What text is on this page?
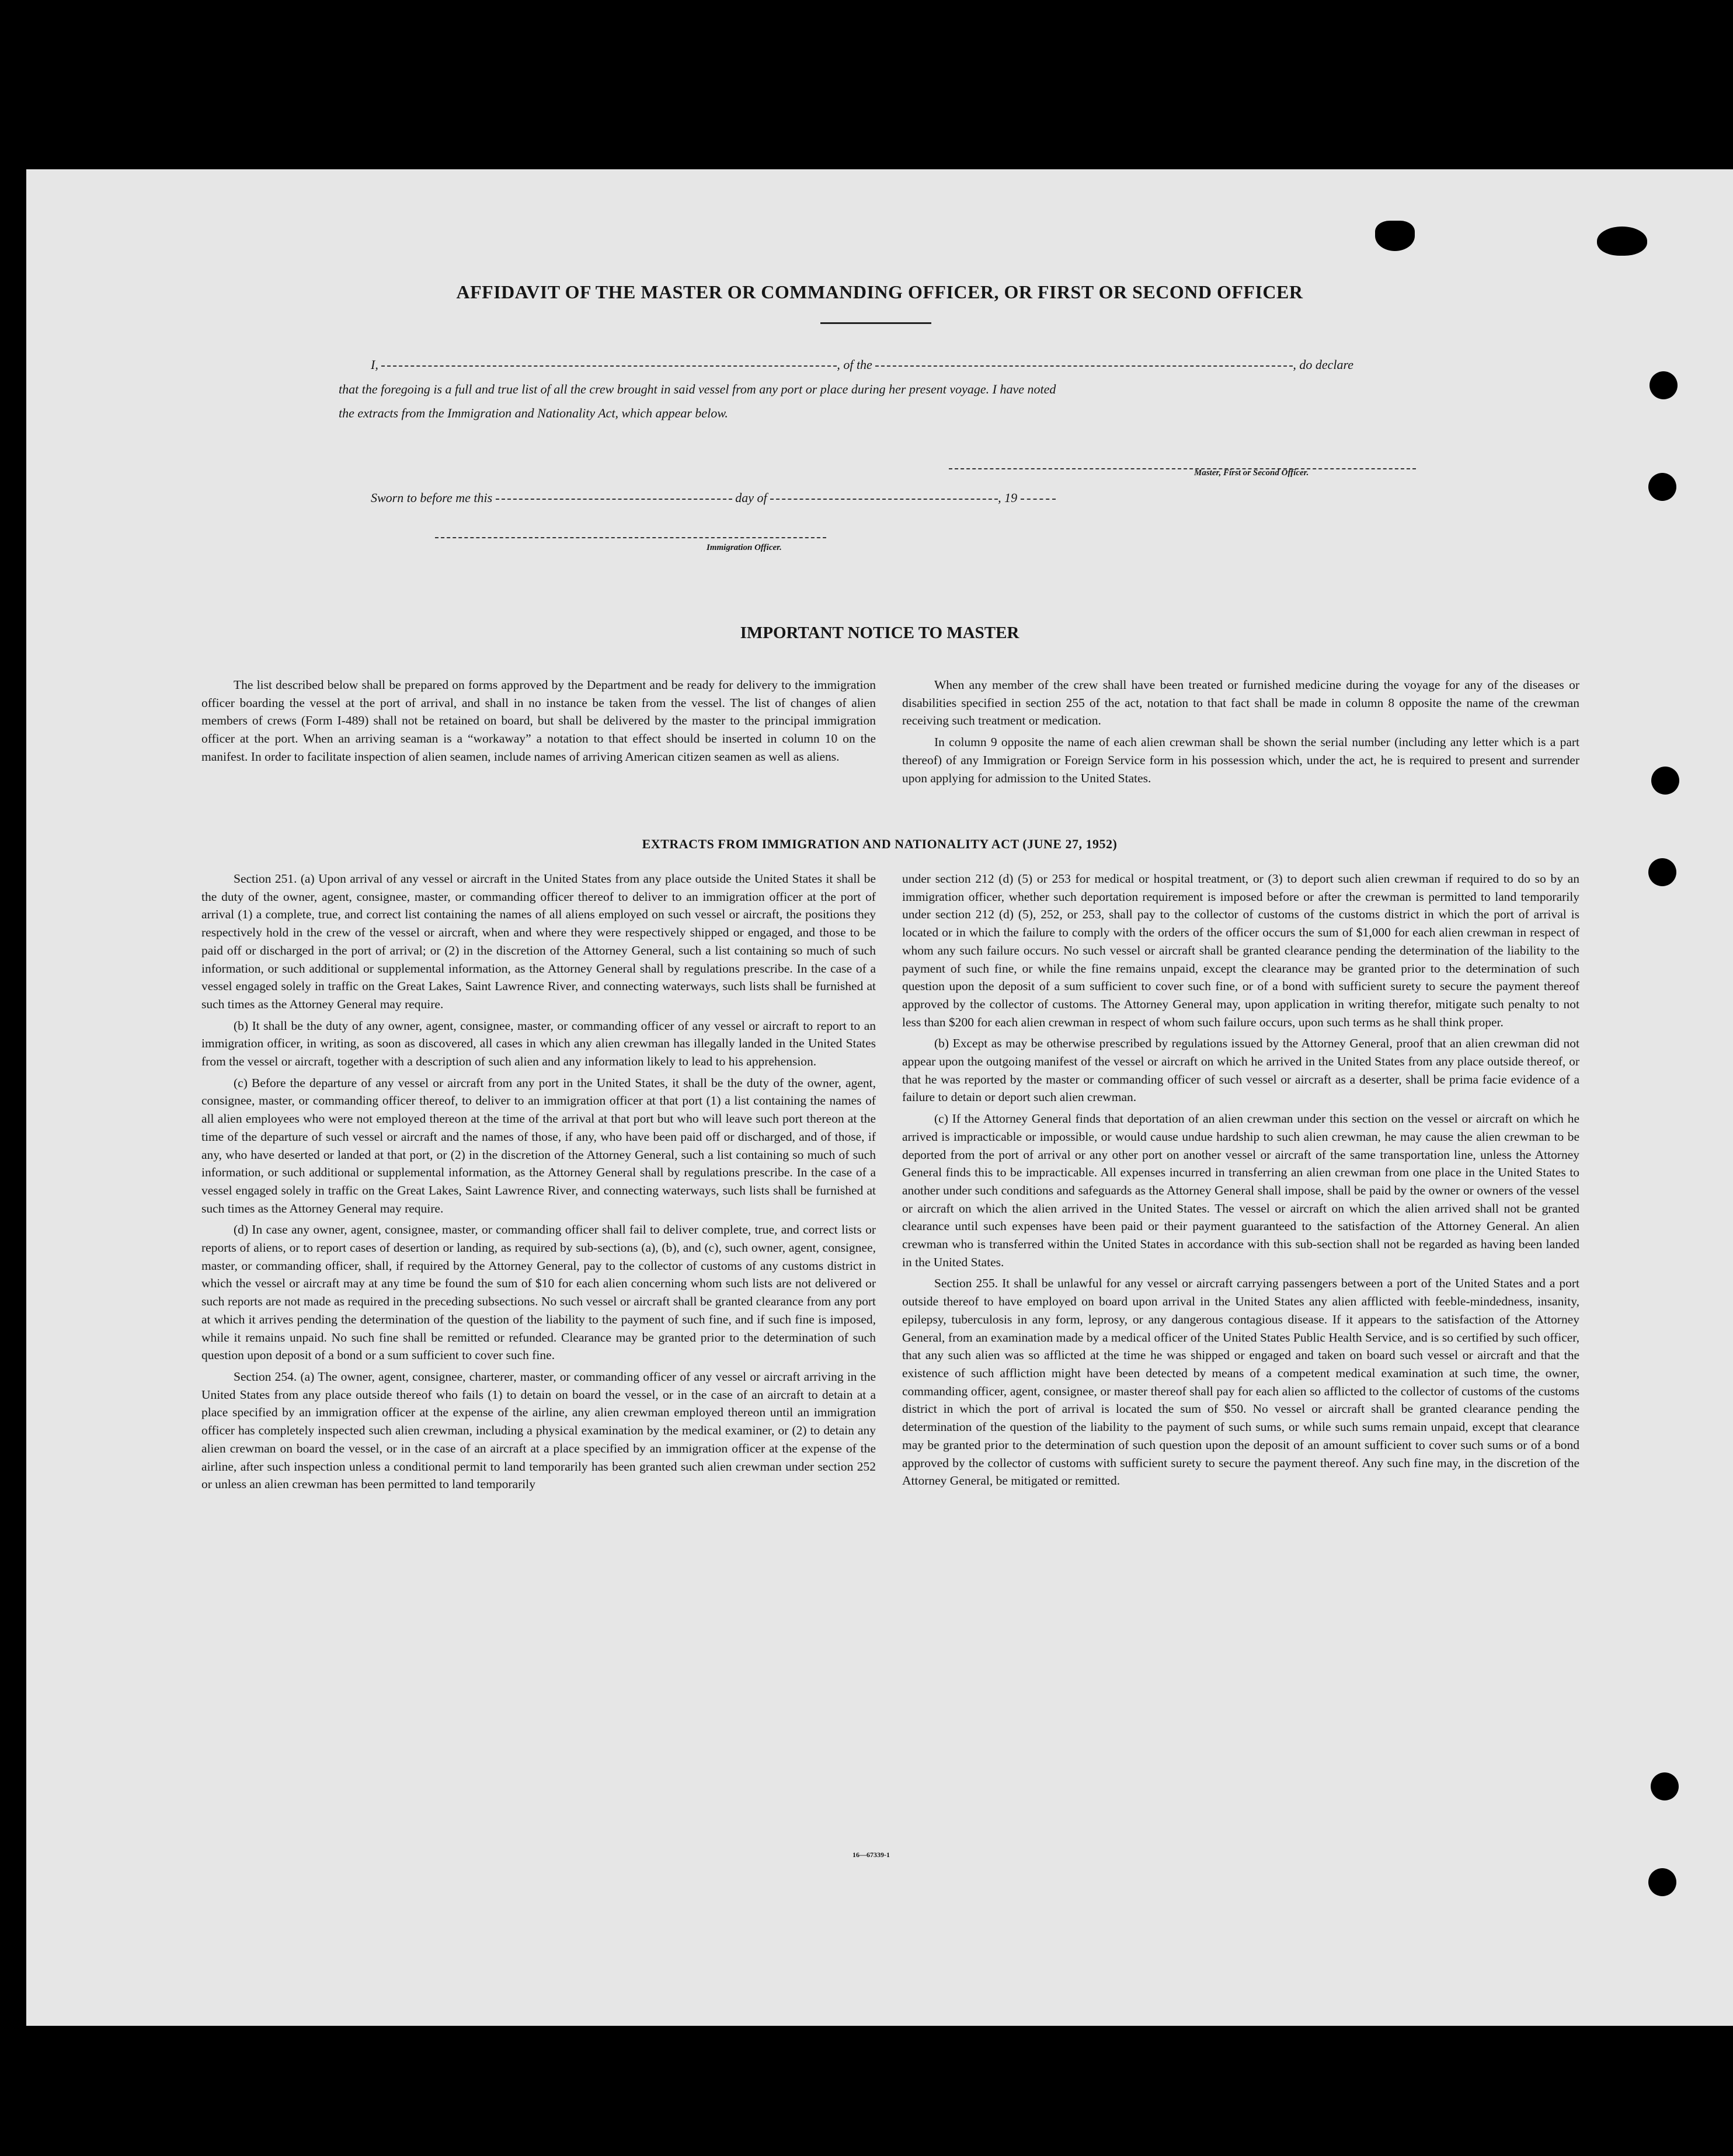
AFFIDAVIT OF THE MASTER OR COMMANDING OFFICER, OR FIRST OR SECOND OFFICER
I,	, of the	, do declare
that the foregoing is a full and true list of all the crew brought in said vessel from any port or place during her present voyage. I have noted
the extracts from the Immigration and Nationality Act, which appear below.
Master, First or Second Officer.
Sworn to before me this	day of	, 19
Immigration Officer.
IMPORTANT NOTICE TO MASTER

The list described below shall be prepared on forms approved by the Department and be ready for delivery to the immigration officer boarding the vessel at the port of arrival, and shall in no instance be taken from the vessel. The list of changes of alien members of crews (Form I-489) shall not be retained on board, but shall be delivered by the master to the principal immigration officer at the port. When an arriving seaman is a “workaway” a notation to that effect should be inserted in column 10 on the manifest. In order to facilitate inspection of alien seamen, include names of arriving American citizen seamen as well as aliens.

When any member of the crew shall have been treated or furnished medicine during the voyage for any of the diseases or disabilities specified in section 255 of the act, notation to that fact shall be made in column 8 opposite the name of the crewman receiving such treatment or medication.

In column 9 opposite the name of each alien crewman shall be shown the serial number (including any letter which is a part thereof) of any Immigration or Foreign Service form in his possession which, under the act, he is required to present and surrender upon applying for admission to the United States.

EXTRACTS FROM IMMIGRATION AND NATIONALITY ACT (JUNE 27, 1952)

Section 251. (a) Upon arrival of any vessel or aircraft in the United States from any place outside the United States it shall be the duty of the owner, agent, consignee, master, or commanding officer thereof to deliver to an immigration officer at the port of arrival (1) a complete, true, and correct list containing the names of all aliens employed on such vessel or aircraft, the positions they respectively hold in the crew of the vessel or aircraft, when and where they were respectively shipped or engaged, and those to be paid off or discharged in the port of arrival; or (2) in the discretion of the Attorney General, such a list containing so much of such information, or such additional or supplemental information, as the Attorney General shall by regulations prescribe. In the case of a vessel engaged solely in traffic on the Great Lakes, Saint Lawrence River, and connecting waterways, such lists shall be furnished at such times as the Attorney General may require.

(b) It shall be the duty of any owner, agent, consignee, master, or commanding officer of any vessel or aircraft to report to an immigration officer, in writing, as soon as discovered, all cases in which any alien crewman has illegally landed in the United States from the vessel or aircraft, together with a description of such alien and any information likely to lead to his apprehension.

(c) Before the departure of any vessel or aircraft from any port in the United States, it shall be the duty of the owner, agent, consignee, master, or commanding officer thereof, to deliver to an immigration officer at that port (1) a list containing the names of all alien employees who were not employed thereon at the time of the arrival at that port but who will leave such port thereon at the time of the departure of such vessel or aircraft and the names of those, if any, who have been paid off or discharged, and of those, if any, who have deserted or landed at that port, or (2) in the discretion of the Attorney General, such a list containing so much of such information, or such additional or supplemental information, as the Attorney General shall by regulations prescribe. In the case of a vessel engaged solely in traffic on the Great Lakes, Saint Lawrence River, and connecting waterways, such lists shall be furnished at such times as the Attorney General may require.

(d) In case any owner, agent, consignee, master, or commanding officer shall fail to deliver complete, true, and correct lists or reports of aliens, or to report cases of desertion or landing, as required by sub-sections (a), (b), and (c), such owner, agent, consignee, master, or commanding officer, shall, if required by the Attorney General, pay to the collector of customs of any customs district in which the vessel or aircraft may at any time be found the sum of $10 for each alien concerning whom such lists are not delivered or such reports are not made as required in the preceding subsections. No such vessel or aircraft shall be granted clearance from any port at which it arrives pending the determination of the question of the liability to the payment of such fine, and if such fine is imposed, while it remains unpaid. No such fine shall be remitted or refunded. Clearance may be granted prior to the determination of such question upon deposit of a bond or a sum sufficient to cover such fine.

Section 254. (a) The owner, agent, consignee, charterer, master, or commanding officer of any vessel or aircraft arriving in the United States from any place outside thereof who fails (1) to detain on board the vessel, or in the case of an aircraft to detain at a place specified by an immigration officer at the expense of the airline, any alien crewman employed thereon until an immigration officer has completely inspected such alien crewman, including a physical examination by the medical examiner, or (2) to detain any alien crewman on board the vessel, or in the case of an aircraft at a place specified by an immigration officer at the expense of the airline, after such inspection unless a conditional permit to land temporarily has been granted such alien crewman under section 252 or unless an alien crewman has been permitted to land temporarily

under section 212 (d) (5) or 253 for medical or hospital treatment, or (3) to deport such alien crewman if required to do so by an immigration officer, whether such deportation requirement is imposed before or after the crewman is permitted to land temporarily under section 212 (d) (5), 252, or 253, shall pay to the collector of customs of the customs district in which the port of arrival is located or in which the failure to comply with the orders of the officer occurs the sum of $1,000 for each alien crewman in respect of whom any such failure occurs. No such vessel or aircraft shall be granted clearance pending the determination of the liability to the payment of such fine, or while the fine remains unpaid, except the clearance may be granted prior to the determination of such question upon the deposit of a sum sufficient to cover such fine, or of a bond with sufficient surety to secure the payment thereof approved by the collector of customs. The Attorney General may, upon application in writing therefor, mitigate such penalty to not less than $200 for each alien crewman in respect of whom such failure occurs, upon such terms as he shall think proper.

(b) Except as may be otherwise prescribed by regulations issued by the Attorney General, proof that an alien crewman did not appear upon the outgoing manifest of the vessel or aircraft on which he arrived in the United States from any place outside thereof, or that he was reported by the master or commanding officer of such vessel or aircraft as a deserter, shall be prima facie evidence of a failure to detain or deport such alien crewman.

(c) If the Attorney General finds that deportation of an alien crewman under this section on the vessel or aircraft on which he arrived is impracticable or impossible, or would cause undue hardship to such alien crewman, he may cause the alien crewman to be deported from the port of arrival or any other port on another vessel or aircraft of the same transportation line, unless the Attorney General finds this to be impracticable. All expenses incurred in transferring an alien crewman from one place in the United States to another under such conditions and safeguards as the Attorney General shall impose, shall be paid by the owner or owners of the vessel or aircraft on which the alien arrived in the United States. The vessel or aircraft on which the alien arrived shall not be granted clearance until such expenses have been paid or their payment guaranteed to the satisfaction of the Attorney General. An alien crewman who is transferred within the United States in accordance with this sub-section shall not be regarded as having been landed in the United States.

Section 255. It shall be unlawful for any vessel or aircraft carrying passengers between a port of the United States and a port outside thereof to have employed on board upon arrival in the United States any alien afflicted with feeble-mindedness, insanity, epilepsy, tuberculosis in any form, leprosy, or any dangerous contagious disease. If it appears to the satisfaction of the Attorney General, from an examination made by a medical officer of the United States Public Health Service, and is so certified by such officer, that any such alien was so afflicted at the time he was shipped or engaged and taken on board such vessel or aircraft and that the existence of such affliction might have been detected by means of a competent medical examination at such time, the owner, commanding officer, agent, consignee, or master thereof shall pay for each alien so afflicted to the collector of customs of the customs district in which the port of arrival is located the sum of $50. No vessel or aircraft shall be granted clearance pending the determination of the question of the liability to the payment of such sums, or while such sums remain unpaid, except that clearance may be granted prior to the determination of such question upon the deposit of an amount sufficient to cover such sums or of a bond approved by the collector of customs with sufficient surety to secure the payment thereof. Any such fine may, in the discretion of the Attorney General, be mitigated or remitted.

16—67339-1
